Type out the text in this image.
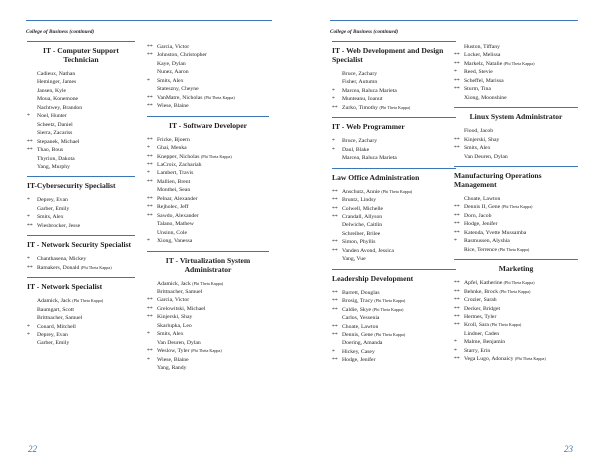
College of Business (continued)
IT - Computer Support Technician
Cadieux, Nathan
Heminger, James
Jansen, Kyle
Moua, Konemone
Nachtwey, Brandon
*	Noel, Hunter
Scheetz, Daniel
Sierra, Zacariss
** Stepanek, Michael
** Thao, Bous
Thyrion, Dakota
Yang, Murphy
IT-Cybersecurity Specialist
*	Deprey, Evan
Garber, Emily
*	Smits, Alex
** Wiesbrocker, Jesse
IT - Network Security Specialist
*	Chanthasena, Mickey
** Ramakers, Donald (Phi Theta Kappa)
IT - Network Specialist
Adamick, Jack (Phi Theta Kappa)
Baumgart, Scott
Brittnacher, Samuel
*	Conard, Mitchell
*	Deprey, Evan
Garber, Emily
** Garcia, Victor
** Johnston, Christopher
Kaye, Dylan
Nunez, Aaron
*	Smits, Alex
Stateszny, Cheyne
** VanMatre, Nicholas (Phi Theta Kappa)
** Wiese, Blaine
IT - Software Developer
** Fricke, Bjoern
*	Ghai, Menka
** Knepper, Nicholas (Phi Theta Kappa)
** LaCroix, Zachariah
*	Lambert, Travis
** Mallien, Brent
Monthei, Sean
** Pelnar, Alexander
** Rejholec, Jeff
** Sawdo, Alexander
Talano, Mathew
Unsinn, Cole
*	Xiong, Vanessa
IT - Virtualization System Administrator
Adamick, Jack (Phi Theta Kappa)
Brittnacher, Samuel
** Garcia, Victor
** Grelowitski, Michael
** Kinjerski, Shay
Skarlupka, Leo
*	Smits, Alex
Van Deuren, Dylan
** Weslow, Tyler (Phi Theta Kappa)
*	Wiese, Blaine
Yang, Randy
22
College of Business (continued)
IT - Web Development and Design Specialist
Bruce, Zachary
Fisher, Autumn
*	Marcea, Raluca Marieta
*	Munteanu, Ioanut
** Zurko, Timothy (Phi Theta Kappa)
IT - Web Programmer
*	Bruce, Zachary
*	Daul, Blake
Marcea, Raluca Marieta
Law Office Administration
** Anschutz, Annie (Phi Theta Kappa)
** Bruntz, Lindsy
** Colwell, Michelle
** Crandall, Allyson
Delwiche, Caitlin
Schreiber, Brilee
** Simon, Phyllis
** Vanden Avond, Jessica
Yang, Vue
Leadership Development
** Barrett, Douglas
** Brosig, Tracy (Phi Theta Kappa)
** Caldie, Skye (Phi Theta Kappa)
Carlos, Yessenia
** Choate, Lawton
** Dennis, Gene (Phi Theta Kappa)
Doering, Amanda
*	Hickey, Casey
** Hodge, Jenifer
Huston, Tiffany
** Locker, Melissa
** Markelz, Natalie (Phi Theta Kappa)
*	Reed, Stevie
** Scheffel, Marissa
** Sturm, Tina
Xiong, Moonshine
Linux System Administrator
Flood, Jacob
** Kinjerski, Shay
** Smits, Alex
Van Deuren, Dylan
Manufacturing Operations Management
Choate, Lawton
** Dennis II, Gene (Phi Theta Kappa)
** Dorn, Jacob
** Hodge, Jenifer
** Katenda, Yvette Mussamba
*	Rasmussen, Alyshia
Rice, Terrence (Phi Theta Kappa)
Marketing
** Apfel, Katherine (Phi Theta Kappa)
** Behnke, Brock (Phi Theta Kappa)
** Crozier, Sarah
** Decker, Bridget
** Hermes, Tyler
** Kroll, Sara (Phi Theta Kappa)
Lindner, Caden
*	Malme, Benjamin
*	Starry, Erin
** Vega Lugo, Adonaicy (Phi Theta Kappa)
23
